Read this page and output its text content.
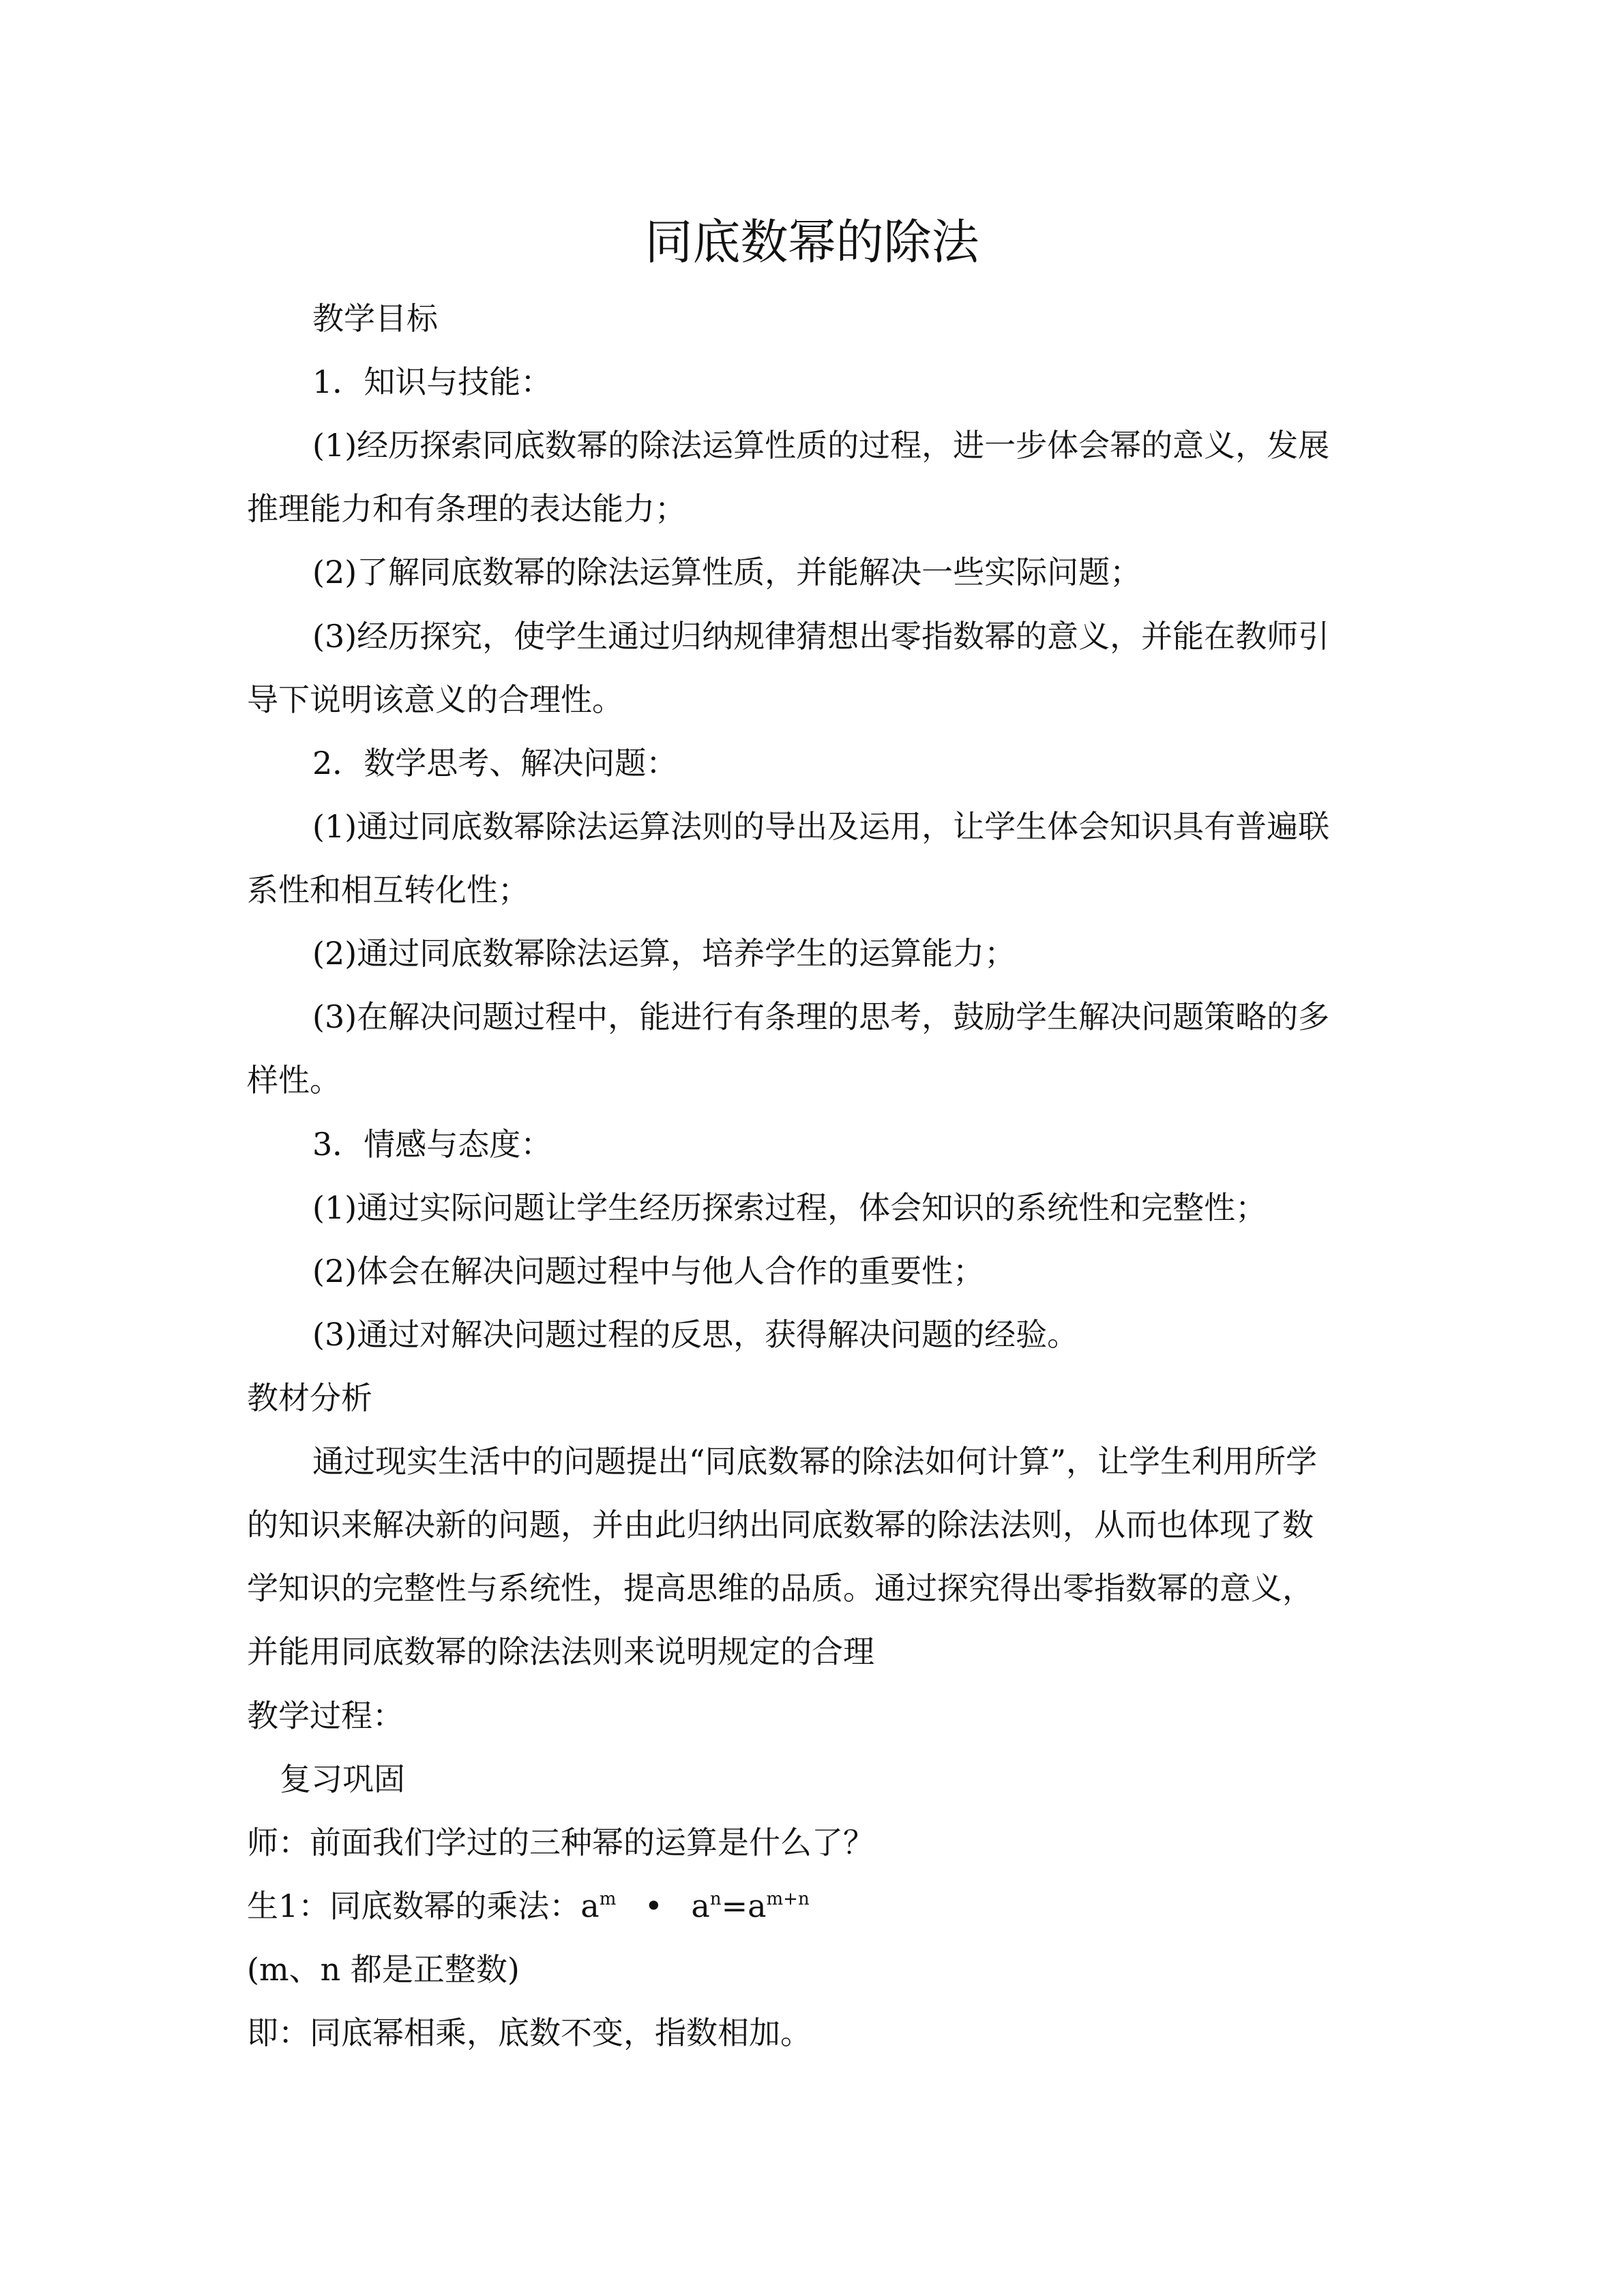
同底数幂的除法

教学目标

1．知识与技能：

(1)经历探索同底数幂的除法运算性质的过程，进一步体会幂的意义，发展

推理能力和有条理的表达能力；

(2)了解同底数幂的除法运算性质，并能解决一些实际问题；

(3)经历探究，使学生通过归纳规律猜想出零指数幂的意义，并能在教师引

导下说明该意义的合理性。

2．数学思考、解决问题：

(1)通过同底数幂除法运算法则的导出及运用，让学生体会知识具有普遍联

系性和相互转化性；

(2)通过同底数幂除法运算，培养学生的运算能力；

(3)在解决问题过程中，能进行有条理的思考，鼓励学生解决问题策略的多

样性。

3．情感与态度：

(1)通过实际问题让学生经历探索过程，体会知识的系统性和完整性；

(2)体会在解决问题过程中与他人合作的重要性；

(3)通过对解决问题过程的反思，获得解决问题的经验。

教材分析

通过现实生活中的问题提出“同底数幂的除法如何计算”，让学生利用所学

的知识来解决新的问题，并由此归纳出同底数幂的除法法则，从而也体现了数

学知识的完整性与系统性，提高思维的品质。通过探究得出零指数幂的意义，

并能用同底数幂的除法法则来说明规定的合理

教学过程：

复习巩固

师：前面我们学过的三种幂的运算是什么了？

生1：同底数幂的乘法：$a^m$ • $a^n=a^{m+n}$

(m、n 都是正整数)

即：同底幂相乘，底数不变，指数相加。
